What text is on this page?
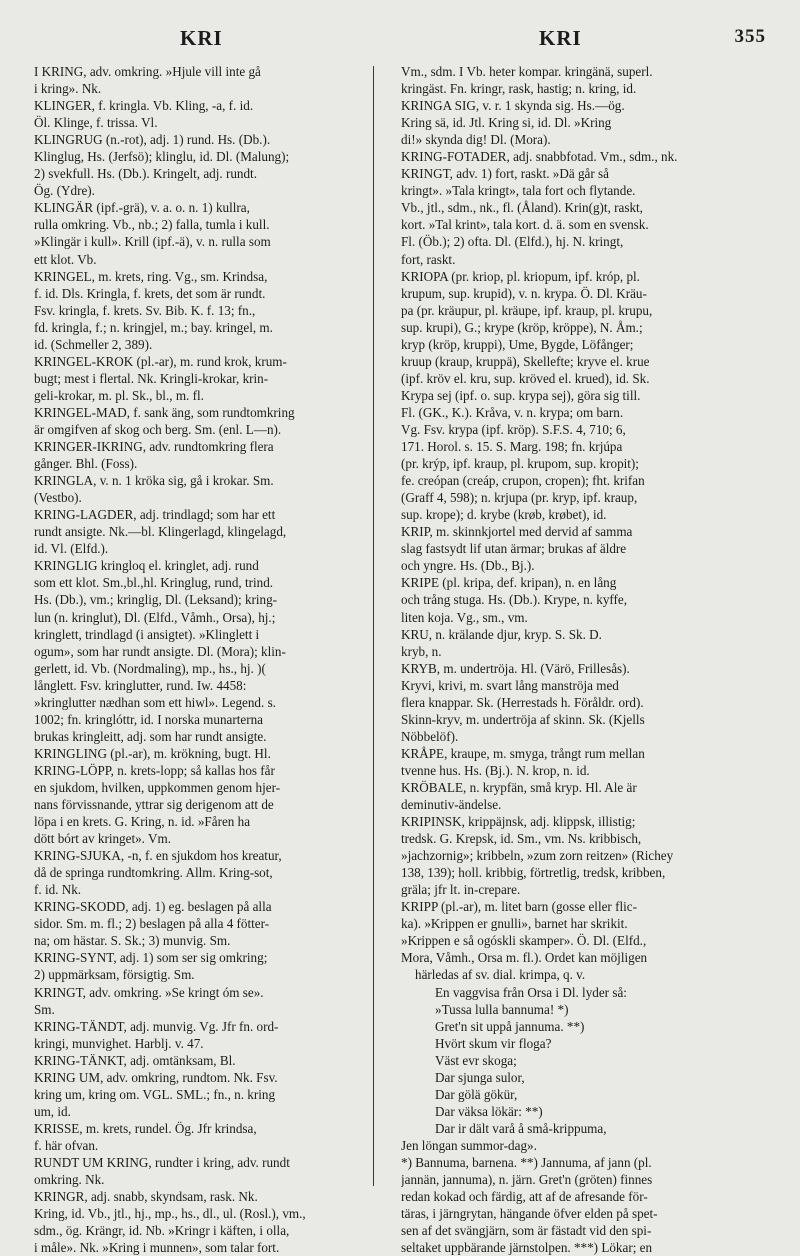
KRI	KRI	355
I KRING, adv. omkring. »Hjule vill inte gå
i kring». Nk.
KLINGER, f. kringla. Vb. Kling, -a, f. id.
Öl. Klinge, f. trissa. Vl.
KLINGRUG (n.-rot), adj. 1) rund. Hs. (Db.).
Klinglug, Hs. (Jerfsö); klinglu, id. Dl. (Malung);
2) svekfull. Hs. (Db.). Kringelt, adj. rundt.
Ög. (Ydre).
KLINGÄR (ipf.-grä), v. a. o. n. 1) kullra,
rulla omkring. Vb., nb.; 2) falla, tumla i kull.
»Klingär i kull». Krill (ipf.-ä), v. n. rulla som
ett klot. Vb.
KRINGEL, m. krets, ring. Vg., sm. Krindsa,
f. id. Dls. Kringla, f. krets, det som är rundt.
Fsv. kringla, f. krets. Sv. Bib. K. f. 13; fn.,
fd. kringla, f.; n. kringjel, m.; bay. kringel, m.
id. (Schmeller 2, 389).
KRINGEL-KROK (pl.-ar), m. rund krok, krum-
bugt; mest i flertal. Nk. Kringli-krokar, krin-
geli-krokar, m. pl. Sk., bl., m. fl.
KRINGEL-MAD, f. sank äng, som rundtomkring
är omgifven af skog och berg. Sm. (enl. L—n).
KRINGER-IKRING, adv. rundtomkring flera
gånger. Bhl. (Foss).
KRINGLA, v. n. 1 kröka sig, gå i krokar. Sm.
(Vestbo).
KRING-LAGDER, adj. trindlagd; som har ett
rundt ansigte. Nk.—bl. Klingerlagd, klingelagd,
id. Vl. (Elfd.).
KRINGLIG kringloq el. kringlet, adj. rund
som ett klot. Sm.,bl.,hl. Kringlug, rund, trind.
Hs. (Db.), vm.; kringlig, Dl. (Leksand); kring-
lun (n. kringlut), Dl. (Elfd., Våmh., Orsa), hj.;
kringlett, trindlagd (i ansigtet). »Klinglett i
ogum», som har rundt ansigte. Dl. (Mora); klin-
gerlett, id. Vb. (Nordmaling), mp., hs., hj. )(
långlett. Fsv. kringlutter, rund. Iw. 4458:
»kringlutter nædhan som ett hiwl». Legend. s.
1002; fn. kringlóttr, id. I norska munarterna
brukas kringleitt, adj. som har rundt ansigte.
KRINGLING (pl.-ar), m. krökning, bugt. Hl.
KRING-LÖPP, n. krets-lopp; så kallas hos får
en sjukdom, hvilken, uppkommen genom hjer-
nans förvissnande, yttrar sig derigenom att de
löpa i en krets. G. Kring, n. id. »Fåren ha
dött bórt av kringet». Vm.
KRING-SJUKA, -n, f. en sjukdom hos kreatur,
då de springa rundtomkring. Allm. Kring-sot,
f. id. Nk.
KRING-SKODD, adj. 1) eg. beslagen på alla
sidor. Sm. m. fl.; 2) beslagen på alla 4 fötter-
na; om hästar. S. Sk.; 3) munvig. Sm.
KRING-SYNT, adj. 1) som ser sig omkring;
2) uppmärksam, försigtig. Sm.
KRINGT, adv. omkring. »Se kringt óm se».
Sm.
KRING-TÄNDT, adj. munvig. Vg. Jfr fn. ord-
kringi, munvighet. Harblj. v. 47.
KRING-TÄNKT, adj. omtänksam, Bl.
KRING UM, adv. omkring, rundtom. Nk. Fsv.
kring um, kring om. VGL. SML.; fn., n. kring
um, id.
KRISSE, m. krets, rundel. Ög. Jfr krindsa,
f. här ofvan.
RUNDT UM KRING, rundter i kring, adv. rundt
omkring. Nk.
KRINGR, adj. snabb, skyndsam, rask. Nk.
Kring, id. Vb., jtl., hj., mp., hs., dl., ul. (Rosl.), vm.,
sdm., ög. Krängr, id. Nb. »Kringr i käften, i olla,
i måle». Nk. »Kring i munnen», som talar fort.
Vm., sdm. I Vb. heter kompar. kringänä, superl.
kringäst. Fn. kringr, rask, hastig; n. kring, id.
KRINGA SIG, v. r. 1 skynda sig. Hs.—ög.
Kring sä, id. Jtl. Kring si, id. Dl. »Kring
di!» skynda dig! Dl. (Mora).
KRING-FOTADER, adj. snabbfotad. Vm., sdm., nk.
KRINGT, adv. 1) fort, raskt. »Dä går så
kringt». »Tala kringt», tala fort och flytande.
Vb., jtl., sdm., nk., fl. (Åland). Krin(g)t, raskt,
kort. »Tal krint», tala kort. d. ä. som en svensk.
Fl. (Öb.); 2) ofta. Dl. (Elfd.), hj. N. kringt,
fort, raskt.
KRIOPA (pr. kriop, pl. kriopum, ipf. króp, pl.
krupum, sup. krupid), v. n. krypa. Ö. Dl. Kräu-
pa (pr. kräupur, pl. kräupe, ipf. kraup, pl. krupu,
sup. krupi), G.; krype (kröp, kröppe), N. Åm.;
kryp (kröp, kruppi), Ume, Bygde, Löfånger;
kruup (kraup, kruppä), Skellefte; kryve el. krue
(ipf. kröv el. kru, sup. kröved el. krued), id. Sk.
Krypa sej (ipf. o. sup. krypa sej), göra sig till.
Fl. (GK., K.). Kråva, v. n. krypa; om barn.
Vg. Fsv. krypa (ipf. kröp). S.F.S. 4, 710; 6,
171. Horol. s. 15. S. Marg. 198; fn. krjúpa
(pr. krýp, ipf. kraup, pl. krupom, sup. kropit);
fe. creópan (creáp, crupon, cropen); fht. krifan
(Graff 4, 598); n. krjupa (pr. kryp, ipf. kraup,
sup. krope); d. krybe (krøb, krøbet), id.
KRIP, m. skinnkjortel med dervid af samma
slag fastsydt lif utan ärmar; brukas af äldre
och yngre. Hs. (Db., Bj.).
KRIPE (pl. kripa, def. kripan), n. en lång
och trång stuga. Hs. (Db.). Krype, n. kyffe,
liten koja. Vg., sm., vm.
KRU, n. krälande djur, kryp. S. Sk. D.
kryb, n.
KRYB, m. undertröja. Hl. (Värö, Frillesås).
Kryvi, krivi, m. svart lång manströja med
flera knappar. Sk. (Herrestads h. Föråldr. ord).
Skinn-kryv, m. undertröja af skinn. Sk. (Kjells
Nöbbelöf).
KRÅPE, kraupe, m. smyga, trångt rum mellan
tvenne hus. Hs. (Bj.). N. krop, n. id.
KRÖBALE, n. krypfän, små kryp. Hl. Ale är
deminutiv-ändelse.
KRIPINSK, krippäjnsk, adj. klippsk, illistig;
tredsk. G. Krepsk, id. Sm., vm. Ns. kribbisch,
»jachzornig»; kribbeln, »zum zorn reitzen» (Richey
138, 139); holl. kribbig, förtretlig, tredsk, kribben,
gräla; jfr lt. in-crepare.
KRIPP (pl.-ar), m. litet barn (gosse eller flic-
ka). »Krippen er gnulli», barnet har skrikit.
»Krippen e så ogóskli skamper». Ö. Dl. (Elfd.,
Mora, Våmh., Orsa m. fl.). Ordet kan möjligen
härledas af sv. dial. krimpa, q. v.
En vaggvisa från Orsa i Dl. lyder så:
»Tussa lulla bannuma! *)
Gret'n sit uppå jannuma. **)
Hvört skum vir floga?
Väst evr skoga;
Dar sjunga sulor,
Dar gölä gökür,
Dar väksa lökär: **)
Dar ir dält varå å små-krippuma,
Jen löngan summor-dag».
*) Bannuma, barnena. **) Jannuma, af jann (pl.
jannän, jannuma), n. järn. Gret'n (gröten) finnes
redan kokad och färdig, att af de afresande för-
täras, i järngrytan, hängande öfver elden på spet-
sen af det svängjärn, som är fästadt vid den spi-
seltaket uppbärande järnstolpen. ***) Lökar; en
